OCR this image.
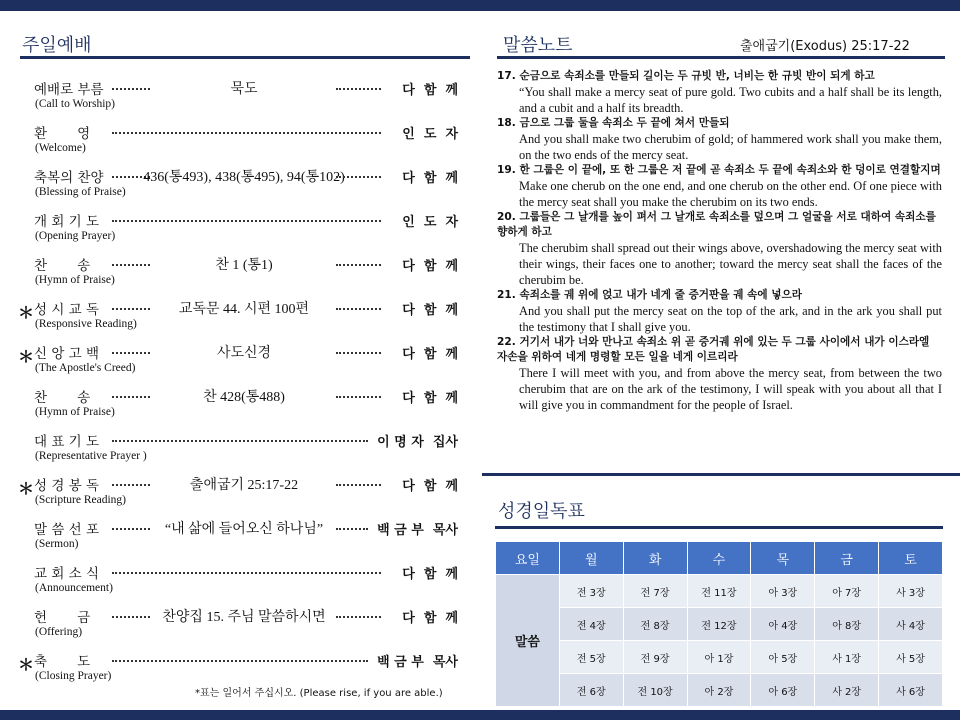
주일예배
예배로 부름
(Call to Worship)
묵도	다  함  께
환       영
(Welcome)
인  도  자
축복의 찬양
(Blessing of Praise)
436(통493), 438(통495), 94(통102)	다  함  께
개 회 기 도
(Opening Prayer)
인  도  자
찬       송
(Hymn of Praise)
찬 1 (통1)	다  함  께
＊ 성 시 교 독
(Responsive Reading)
교독문 44. 시편 100편	다  함  께
＊ 신 앙 고 백
(The Apostle's Creed)
사도신경	다  함  께
찬       송
(Hymn of Praise)
찬 428(통488)	다  함  께
대 표 기 도
(Representative Prayer )
이 명 자  집사
＊ 성 경 봉 독
(Scripture Reading)
출애굽기 25:17-22	다  함  께
말 씀 선 포
(Sermon)
“내 삶에 들어오신 하나님”	백 금 부  목사
교 회 소 식
(Announcement)
다  함  께
헌       금
(Offering)
찬양집 15. 주님 말씀하시면	다  함  께
＊ 축       도
(Closing Prayer)
백 금 부  목사
*표는 일어서 주십시오. (Please rise, if you are able.)
말씀노트	출애굽기(Exodus) 25:17-22
17. 순금으로 속죄소를 만들되 길이는 두 규빗 반, 너비는 한 규빗 반이 되게 하고
“You shall make a mercy seat of pure gold. Two cubits and a half shall be its length, and a cubit and a half its breadth.
18. 금으로 그룹 둘을 속죄소 두 끝에 쳐서 만들되
And you shall make two cherubim of gold; of hammered work shall you make them, on the two ends of the mercy seat.
19. 한 그룹은 이 끝에, 또 한 그룹은 저 끝에 곧 속죄소 두 끝에 속죄소와 한 덩이로 연결할지며
Make one cherub on the one end, and one cherub on the other end. Of one piece with the mercy seat shall you make the cherubim on its two ends.
20. 그룹들은 그 날개를 높이 펴서 그 날개로 속죄소를 덮으며 그 얼굴을 서로 대하여 속죄소를 향하게 하고
The cherubim shall spread out their wings above, overshadowing the mercy seat with their wings, their faces one to another; toward the mercy seat shall the faces of the cherubim be.
21. 속죄소를 궤 위에 얹고 내가 네게 줄 증거판을 궤 속에 넣으라
And you shall put the mercy seat on the top of the ark, and in the ark you shall put the testimony that I shall give you.
22. 거기서 내가 너와 만나고 속죄소 위 곧 증거궤 위에 있는 두 그룹 사이에서 내가 이스라엘 자손을 위하여 네게 명령할 모든 일을 네게 이르리라
There I will meet with you, and from above the mercy seat, from between the two cherubim that are on the ark of the testimony, I will speak with you about all that I will give you in commandment for the people of Israel.
성경일독표
요일	월	화	수	목	금	토
말씀	전 3장	전 7장	전 11장	아 3장	아 7장	사 3장
	전 4장	전 8장	전 12장	아 4장	아 8장	사 4장
	전 5장	전 9장	아 1장	아 5장	사 1장	사 5장
	전 6장	전 10장	아 2장	아 6장	사 2장	사 6장
